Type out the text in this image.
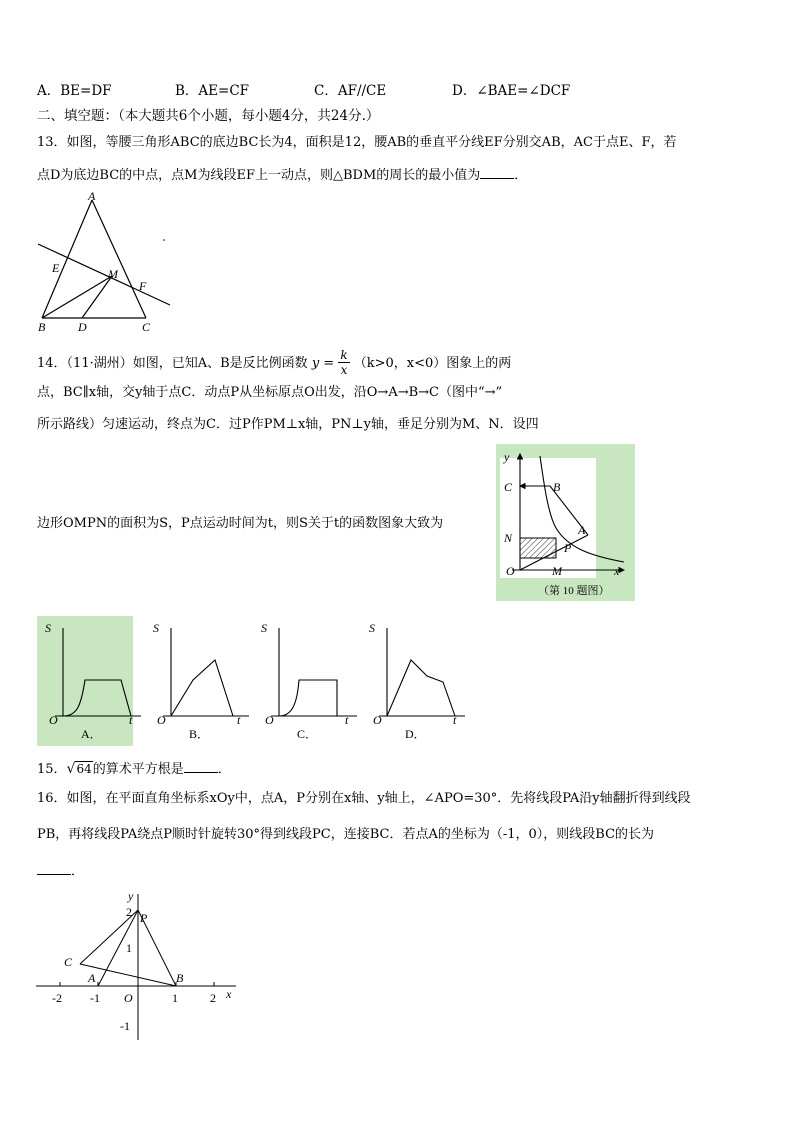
A．BE=DF	B．AE=CF	C．AF//CE	D．∠BAE=∠DCF
二、填空题：（本大题共6个小题，每小题4分，共24分.）
13．如图，等腰三角形ABC的底边BC长为4，面积是12，腰AB的垂直平分线EF分别交AB，AC于点E、F，若
点D为底边BC的中点，点M为线段EF上一动点，则△BDM的周长的最小值为	．
A
E	M
F
B	D	C
14．（11·湖州）如图，已知A、B是反比例函数 $y = \frac{k}{x} (k>0$，x<0）图象上的两
点，BC∥x轴，交y轴于点C．动点P从坐标原点O出发，沿O→A→B→C（图中“→”
所示路线）匀速运动，终点为C．过P作PM⊥x轴，PN⊥y轴，垂足分别为M、N．设四
边形OMPN的面积为S，P点运动时间为t，则S关于t的函数图象大致为
y
C	B
A
N
P
O	M	x
（第 10 题图）
S
O	t
A．
S
O	t
B．
S
O	t
C．
S
O	t
D．
15．√64的算术平方根是	．
16．如图，在平面直角坐标系xOy中，点A，P分别在x轴、y轴上，∠APO=30°．先将线段PA沿y轴翻折得到线段
PB，再将线段PA绕点P顺时针旋转30°得到线段PC，连接BC．若点A的坐标为（-1，0），则线段BC的长为
．
y
x
P
C
A	B
-2 -1 O	1	2
1
2
-1
